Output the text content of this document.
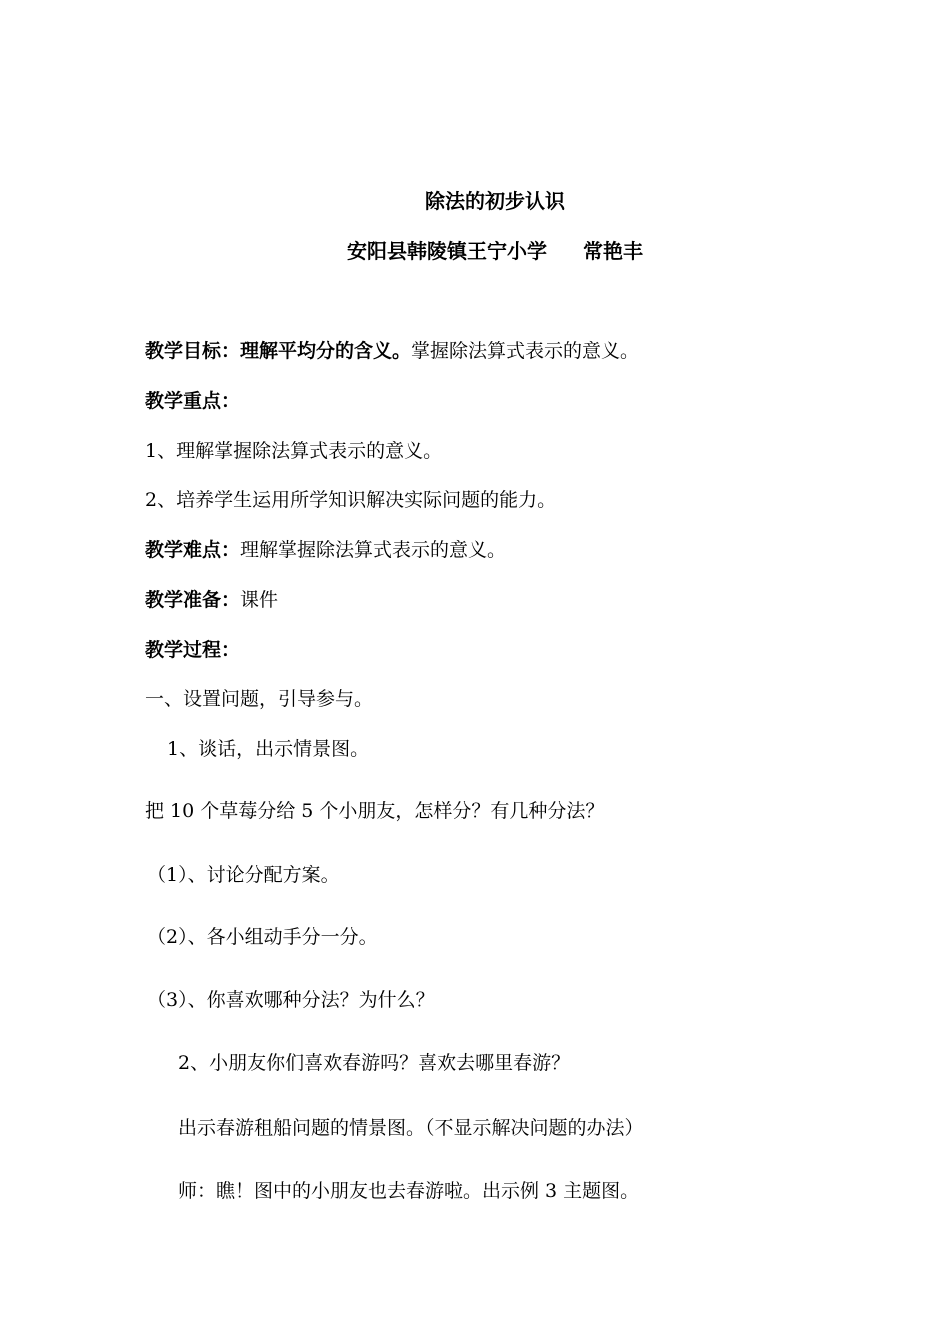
除法的初步认识
安阳县韩陵镇王宁小学 常艳丰
教学目标：理解平均分的含义。掌握除法算式表示的意义。
教学重点：
1、理解掌握除法算式表示的意义。
2、培养学生运用所学知识解决实际问题的能力。
教学难点：理解掌握除法算式表示的意义。
教学准备：课件
教学过程：
一、设置问题，引导参与。
1、谈话，出示情景图。
把 10 个草莓分给 5 个小朋友，怎样分？有几种分法？
（1）、讨论分配方案。
（2）、各小组动手分一分。
（3）、你喜欢哪种分法？为什么？
2、小朋友你们喜欢春游吗？喜欢去哪里春游？
出示春游租船问题的情景图。（不显示解决问题的办法）
师：瞧！图中的小朋友也去春游啦。出示例 3 主题图。
